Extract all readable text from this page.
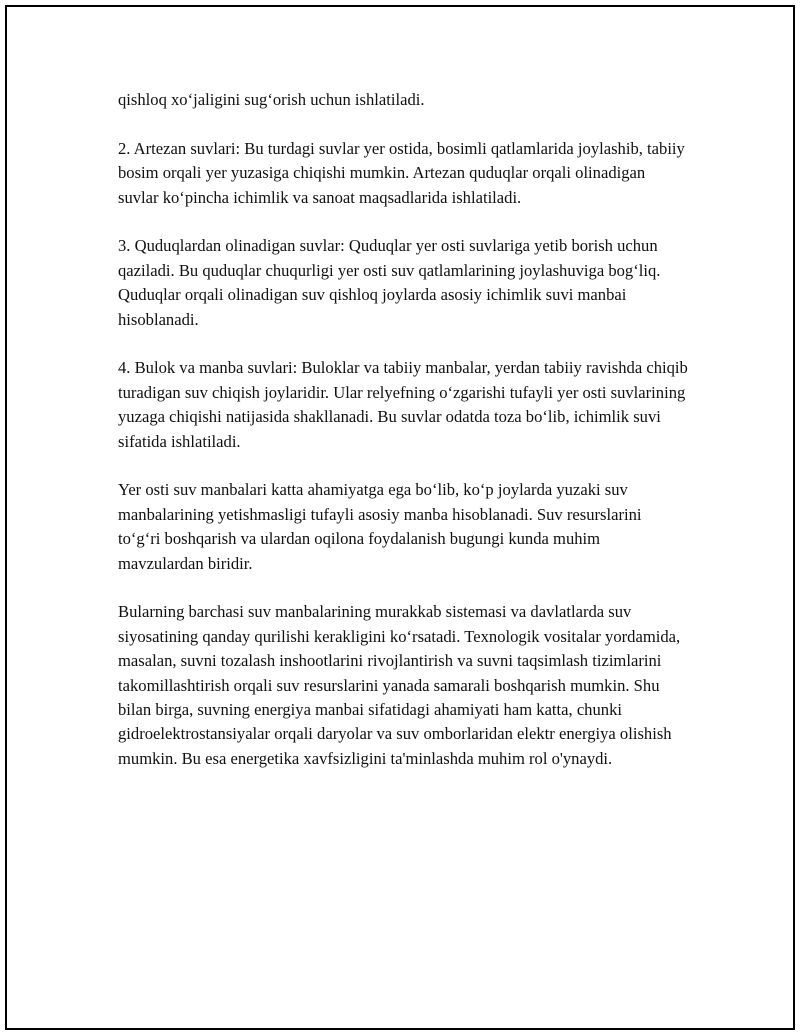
qishloq xo‘jaligini sug‘orish uchun ishlatiladi.

2. Artezan suvlari: Bu turdagi suvlar yer ostida, bosimli qatlamlarida joylashib, tabiiy bosim orqali yer yuzasiga chiqishi mumkin. Artezan quduqlar orqali olinadigan suvlar ko‘pincha ichimlik va sanoat maqsadlarida ishlatiladi.

3. Quduqlardan olinadigan suvlar: Quduqlar yer osti suvlariga yetib borish uchun qaziladi. Bu quduqlar chuqurligi yer osti suv qatlamlarining joylashuviga bog‘liq. Quduqlar orqali olinadigan suv qishloq joylarda asosiy ichimlik suvi manbai hisoblanadi.

4. Bulok va manba suvlari: Buloklar va tabiiy manbalar, yerdan tabiiy ravishda chiqib turadigan suv chiqish joylaridir. Ular relyefning o‘zgarishi tufayli yer osti suvlarining yuzaga chiqishi natijasida shakllanadi. Bu suvlar odatda toza bo‘lib, ichimlik suvi sifatida ishlatiladi.

Yer osti suv manbalari katta ahamiyatga ega bo‘lib, ko‘p joylarda yuzaki suv manbalarining yetishmasligi tufayli asosiy manba hisoblanadi. Suv resurslarini to‘g‘ri boshqarish va ulardan oqilona foydalanish bugungi kunda muhim mavzulardan biridir.

Bularning barchasi suv manbalarining murakkab sistemasi va davlatlarda suv siyosatining qanday qurilishi kerakligini ko‘rsatadi. Texnologik vositalar yordamida, masalan, suvni tozalash inshootlarini rivojlantirish va suvni taqsimlash tizimlarini takomillashtirish orqali suv resurslarini yanada samarali boshqarish mumkin. Shu bilan birga, suvning energiya manbai sifatidagi ahamiyati ham katta, chunki gidroelektrostansiyalar orqali daryolar va suv omborlaridan elektr energiya olishish mumkin. Bu esa energetika xavfsizligini ta'minlashda muhim rol o'ynaydi.
